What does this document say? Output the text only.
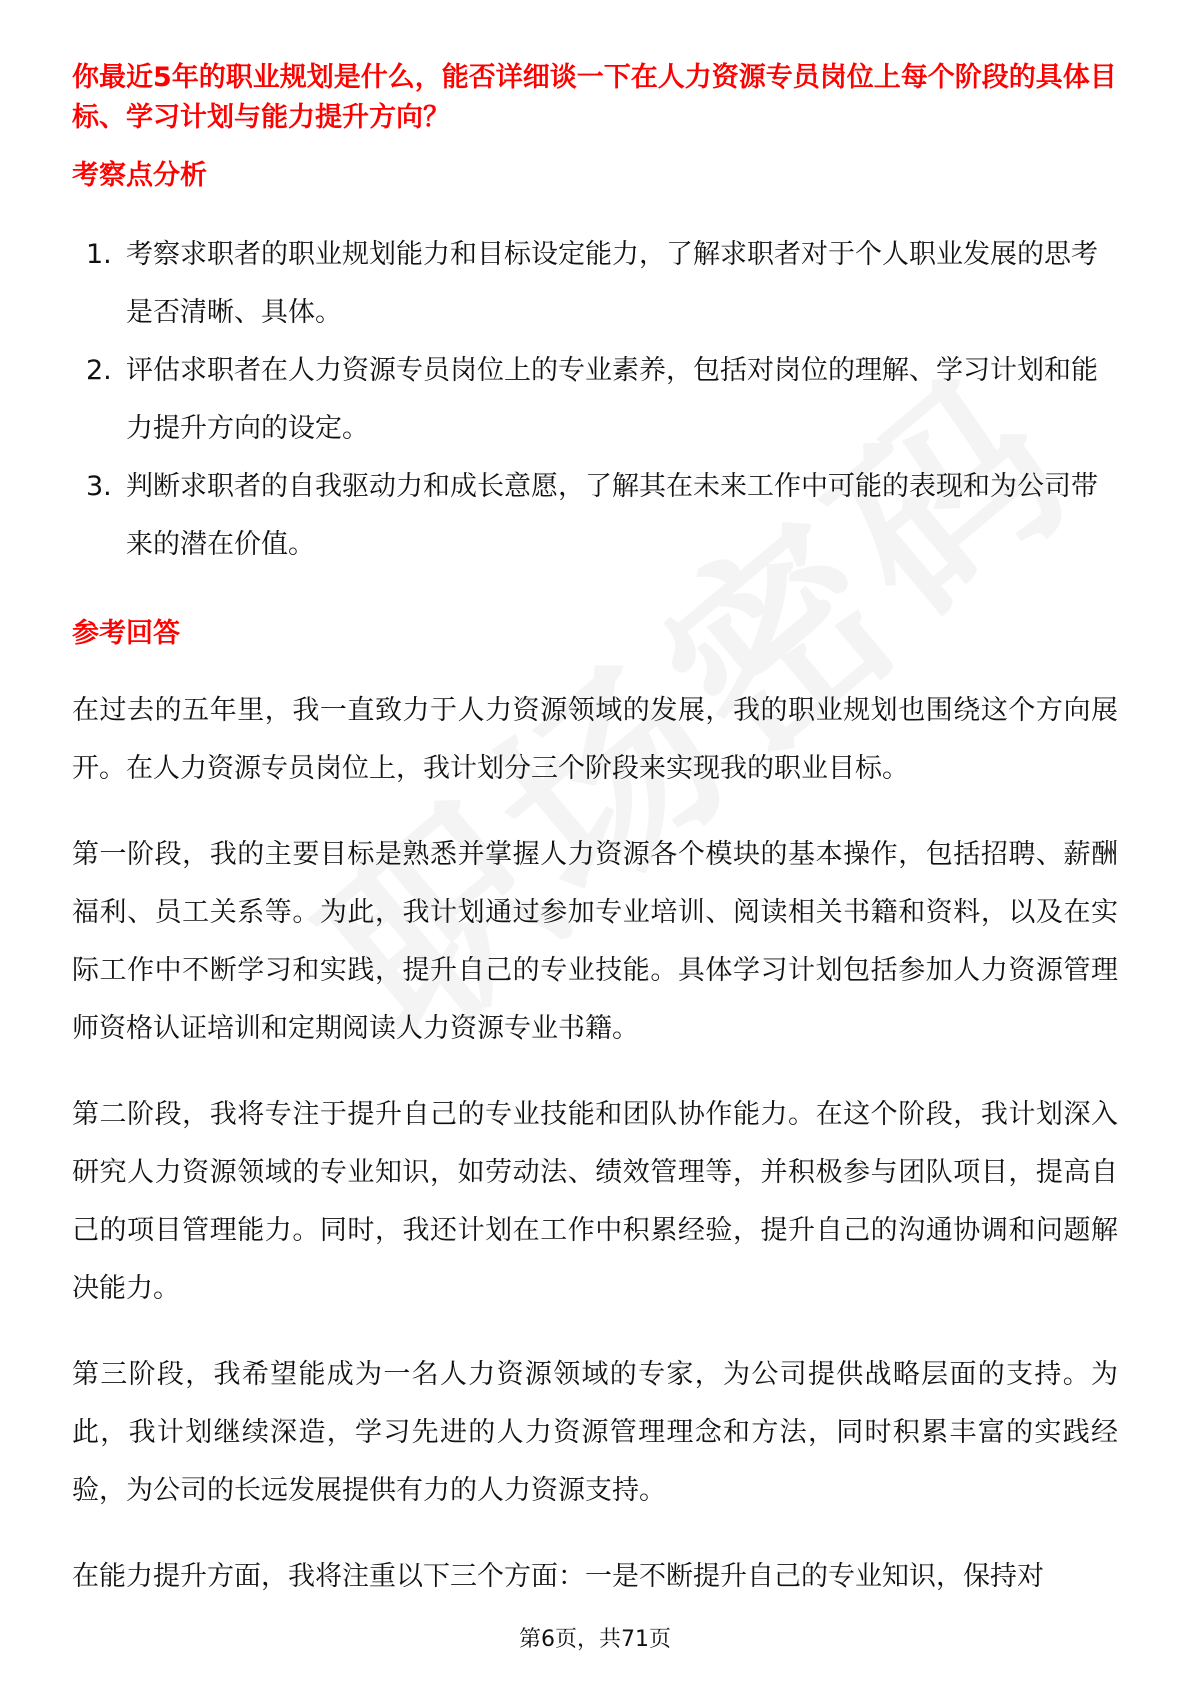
你最近5年的职业规划是什么，能否详细谈一下在人力资源专员岗位上每个阶段的具体目标、学习计划与能力提升方向？

考察点分析

1. 考察求职者的职业规划能力和目标设定能力，了解求职者对于个人职业发展的思考是否清晰、具体。
2. 评估求职者在人力资源专员岗位上的专业素养，包括对岗位的理解、学习计划和能力提升方向的设定。
3. 判断求职者的自我驱动力和成长意愿，了解其在未来工作中可能的表现和为公司带来的潜在价值。

参考回答

在过去的五年里，我一直致力于人力资源领域的发展，我的职业规划也围绕这个方向展开。在人力资源专员岗位上，我计划分三个阶段来实现我的职业目标。

第一阶段，我的主要目标是熟悉并掌握人力资源各个模块的基本操作，包括招聘、薪酬福利、员工关系等。为此，我计划通过参加专业培训、阅读相关书籍和资料，以及在实际工作中不断学习和实践，提升自己的专业技能。具体学习计划包括参加人力资源管理师资格认证培训和定期阅读人力资源专业书籍。

第二阶段，我将专注于提升自己的专业技能和团队协作能力。在这个阶段，我计划深入研究人力资源领域的专业知识，如劳动法、绩效管理等，并积极参与团队项目，提高自己的项目管理能力。同时，我还计划在工作中积累经验，提升自己的沟通协调和问题解决能力。

第三阶段，我希望能成为一名人力资源领域的专家，为公司提供战略层面的支持。为此，我计划继续深造，学习先进的人力资源管理理念和方法，同时积累丰富的实践经验，为公司的长远发展提供有力的人力资源支持。

在能力提升方面，我将注重以下三个方面：一是不断提升自己的专业知识，保持对

第6页，共71页
